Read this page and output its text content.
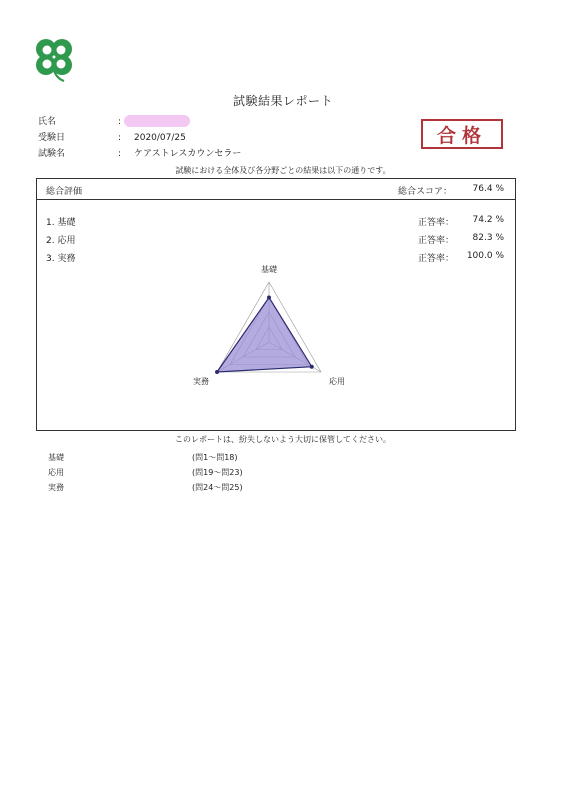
試験結果レポート
氏名	:
受験日	: 2020/07/25
試験名	: ケアストレスカウンセラー
合格
試験における全体及び各分野ごとの結果は以下の通りです。
総合評価	総合スコア：	76.4 %
1. 基礎	正答率：	74.2 %
2. 応用	正答率：	82.3 %
3. 実務	正答率：	100.0 %
基礎
応用
実務
このレポートは、紛失しないよう大切に保管してください。
基礎	(問1〜問18)
応用	(問19〜問23)
実務	(問24〜問25)
